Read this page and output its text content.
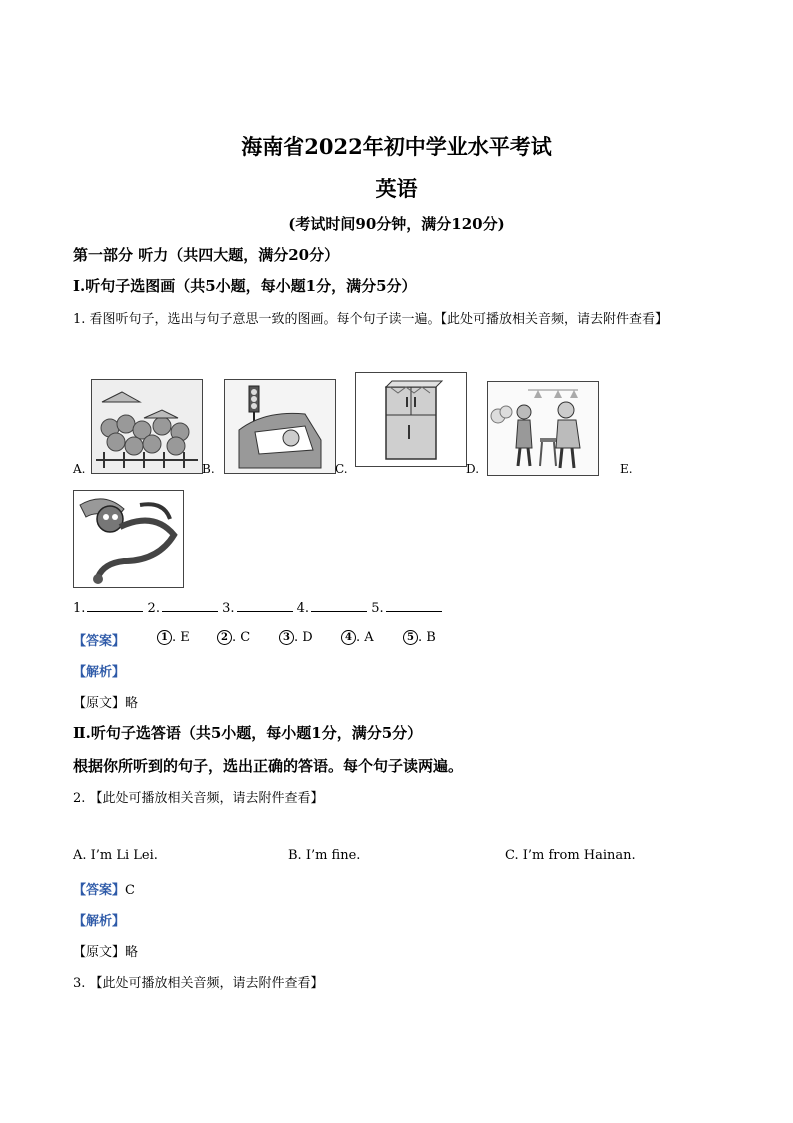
海南省2022年初中学业水平考试
英语
(考试时间90分钟，满分120分)
第一部分 听力（共四大题，满分20分）
Ⅰ.听句子选图画（共5小题，每小题1分，满分5分）
1. 看图听句子，选出与句子意思一致的图画。每个句子读一遍。【此处可播放相关音频，请去附件查看】
A.	B.	C.	D.	E.
1.	2.	3.	4.	5.
【答案】	1 . E	2 . C	3 . D	4 . A	5 . B
【解析】
【原文】略
Ⅱ.听句子选答语（共5小题，每小题1分，满分5分）
根据你所听到的句子，选出正确的答语。每个句子读两遍。
2. 【此处可播放相关音频，请去附件查看】
A. I’m Li Lei.	B. I’m fine.	C. I’m from Hainan.
【答案】C
【解析】
【原文】略
3. 【此处可播放相关音频，请去附件查看】
